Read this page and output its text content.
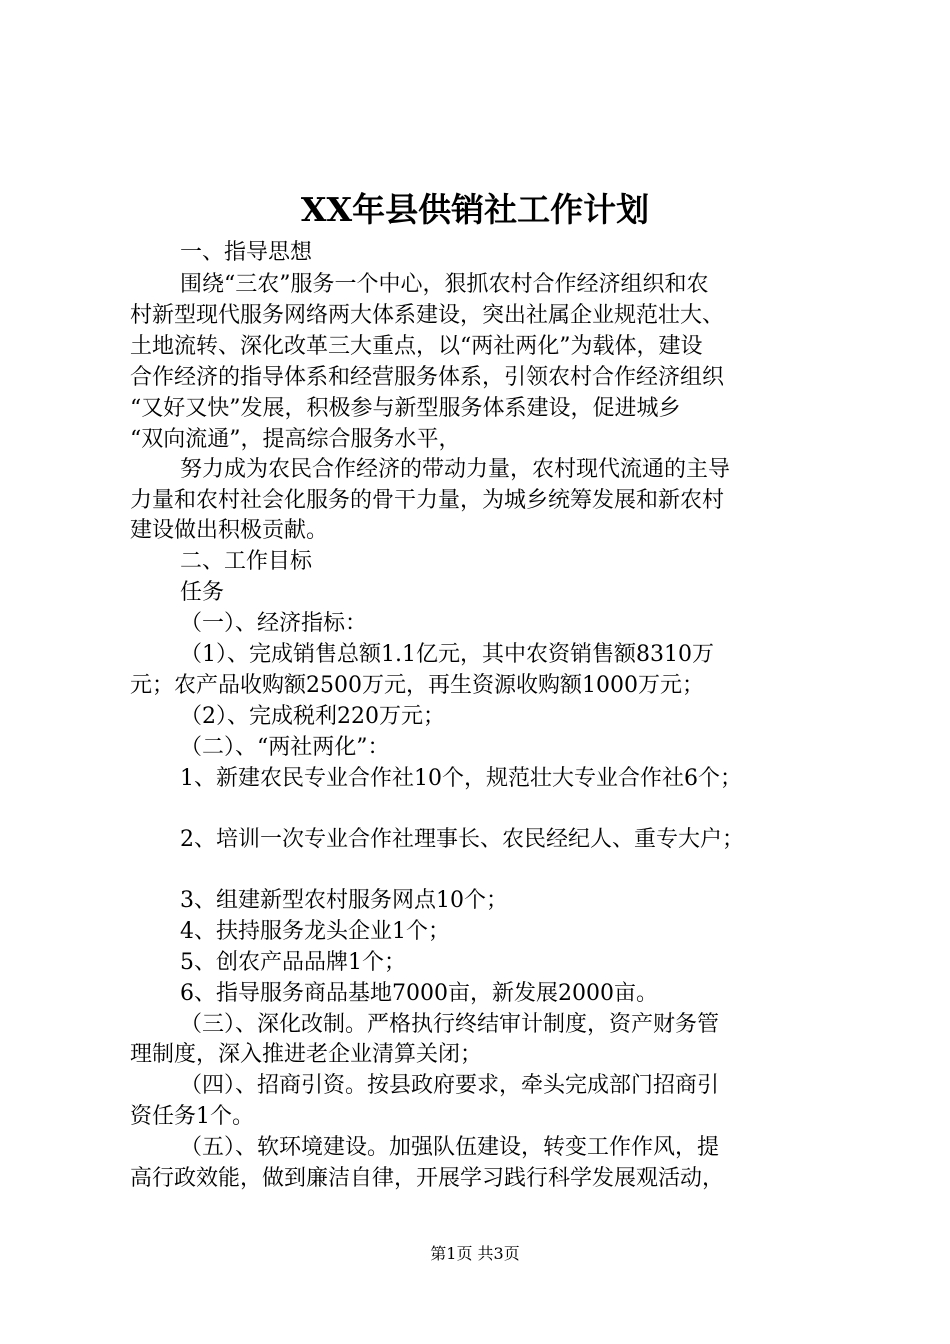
XX年县供销社工作计划
一、指导思想
围绕“三农”服务一个中心，狠抓农村合作经济组织和农
村新型现代服务网络两大体系建设，突出社属企业规范壮大、
土地流转、深化改革三大重点，以“两社两化”为载体，建设
合作经济的指导体系和经营服务体系，引领农村合作经济组织
“又好又快”发展，积极参与新型服务体系建设，促进城乡
“双向流通”，提高综合服务水平，
努力成为农民合作经济的带动力量，农村现代流通的主导
力量和农村社会化服务的骨干力量，为城乡统筹发展和新农村
建设做出积极贡献。
二、工作目标
任务
（一）、经济指标：
（1）、完成销售总额1.1亿元，其中农资销售额8310万
元；农产品收购额2500万元，再生资源收购额1000万元；
（2）、完成税利220万元；
（二）、“两社两化”：
1、新建农民专业合作社10个，规范壮大专业合作社6个；
2、培训一次专业合作社理事长、农民经纪人、重专大户；
3、组建新型农村服务网点10个；
4、扶持服务龙头企业1个；
5、创农产品品牌1个；
6、指导服务商品基地7000亩，新发展2000亩。
（三）、深化改制。严格执行终结审计制度，资产财务管
理制度，深入推进老企业清算关闭；
（四）、招商引资。按县政府要求，牵头完成部门招商引
资任务1个。
（五）、软环境建设。加强队伍建设，转变工作作风，提
高行政效能，做到廉洁自律，开展学习践行科学发展观活动，
第1页 共3页
